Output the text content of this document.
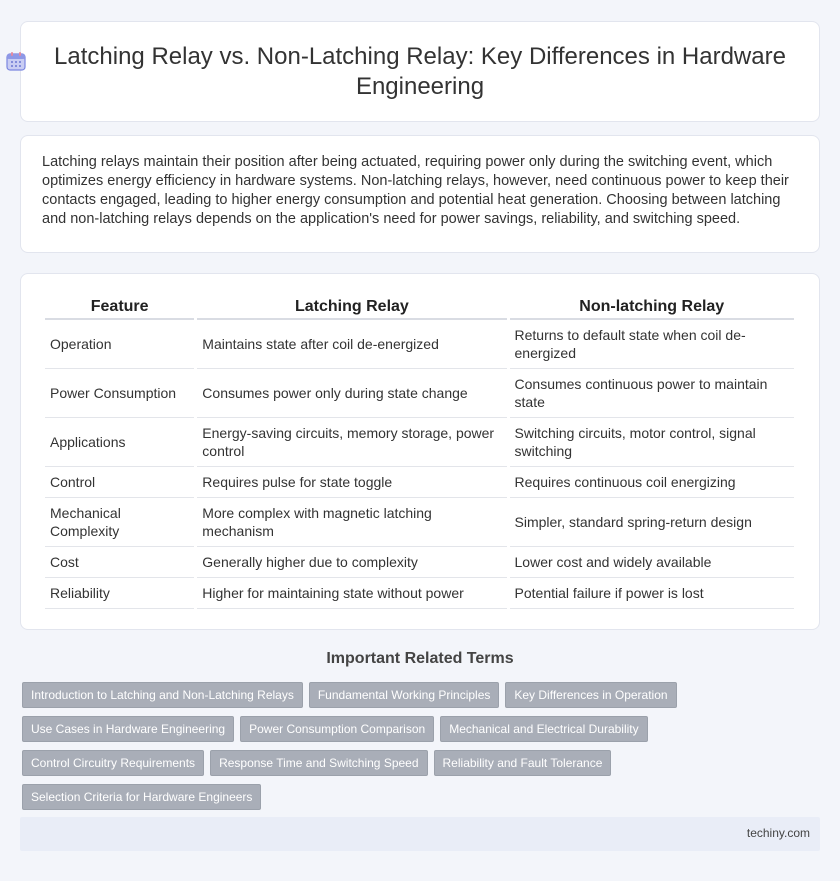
Latching Relay vs. Non-Latching Relay: Key Differences in Hardware Engineering

Latching relays maintain their position after being actuated, requiring power only during the switching event, which optimizes energy efficiency in hardware systems. Non-latching relays, however, need continuous power to keep their contacts engaged, leading to higher energy consumption and potential heat generation. Choosing between latching and non-latching relays depends on the application's need for power savings, reliability, and switching speed.

Feature	Latching Relay	Non-latching Relay
Operation	Maintains state after coil de-energized	Returns to default state when coil de-energized
Power Consumption	Consumes power only during state change	Consumes continuous power to maintain state
Applications	Energy-saving circuits, memory storage, power control	Switching circuits, motor control, signal switching
Control	Requires pulse for state toggle	Requires continuous coil energizing
Mechanical Complexity	More complex with magnetic latching mechanism	Simpler, standard spring-return design
Cost	Generally higher due to complexity	Lower cost and widely available
Reliability	Higher for maintaining state without power	Potential failure if power is lost
Important Related Terms
Introduction to Latching and Non-Latching Relays	Fundamental Working Principles	Key Differences in Operation
Use Cases in Hardware Engineering	Power Consumption Comparison	Mechanical and Electrical Durability
Control Circuitry Requirements	Response Time and Switching Speed	Reliability and Fault Tolerance
Selection Criteria for Hardware Engineers
techiny.com
